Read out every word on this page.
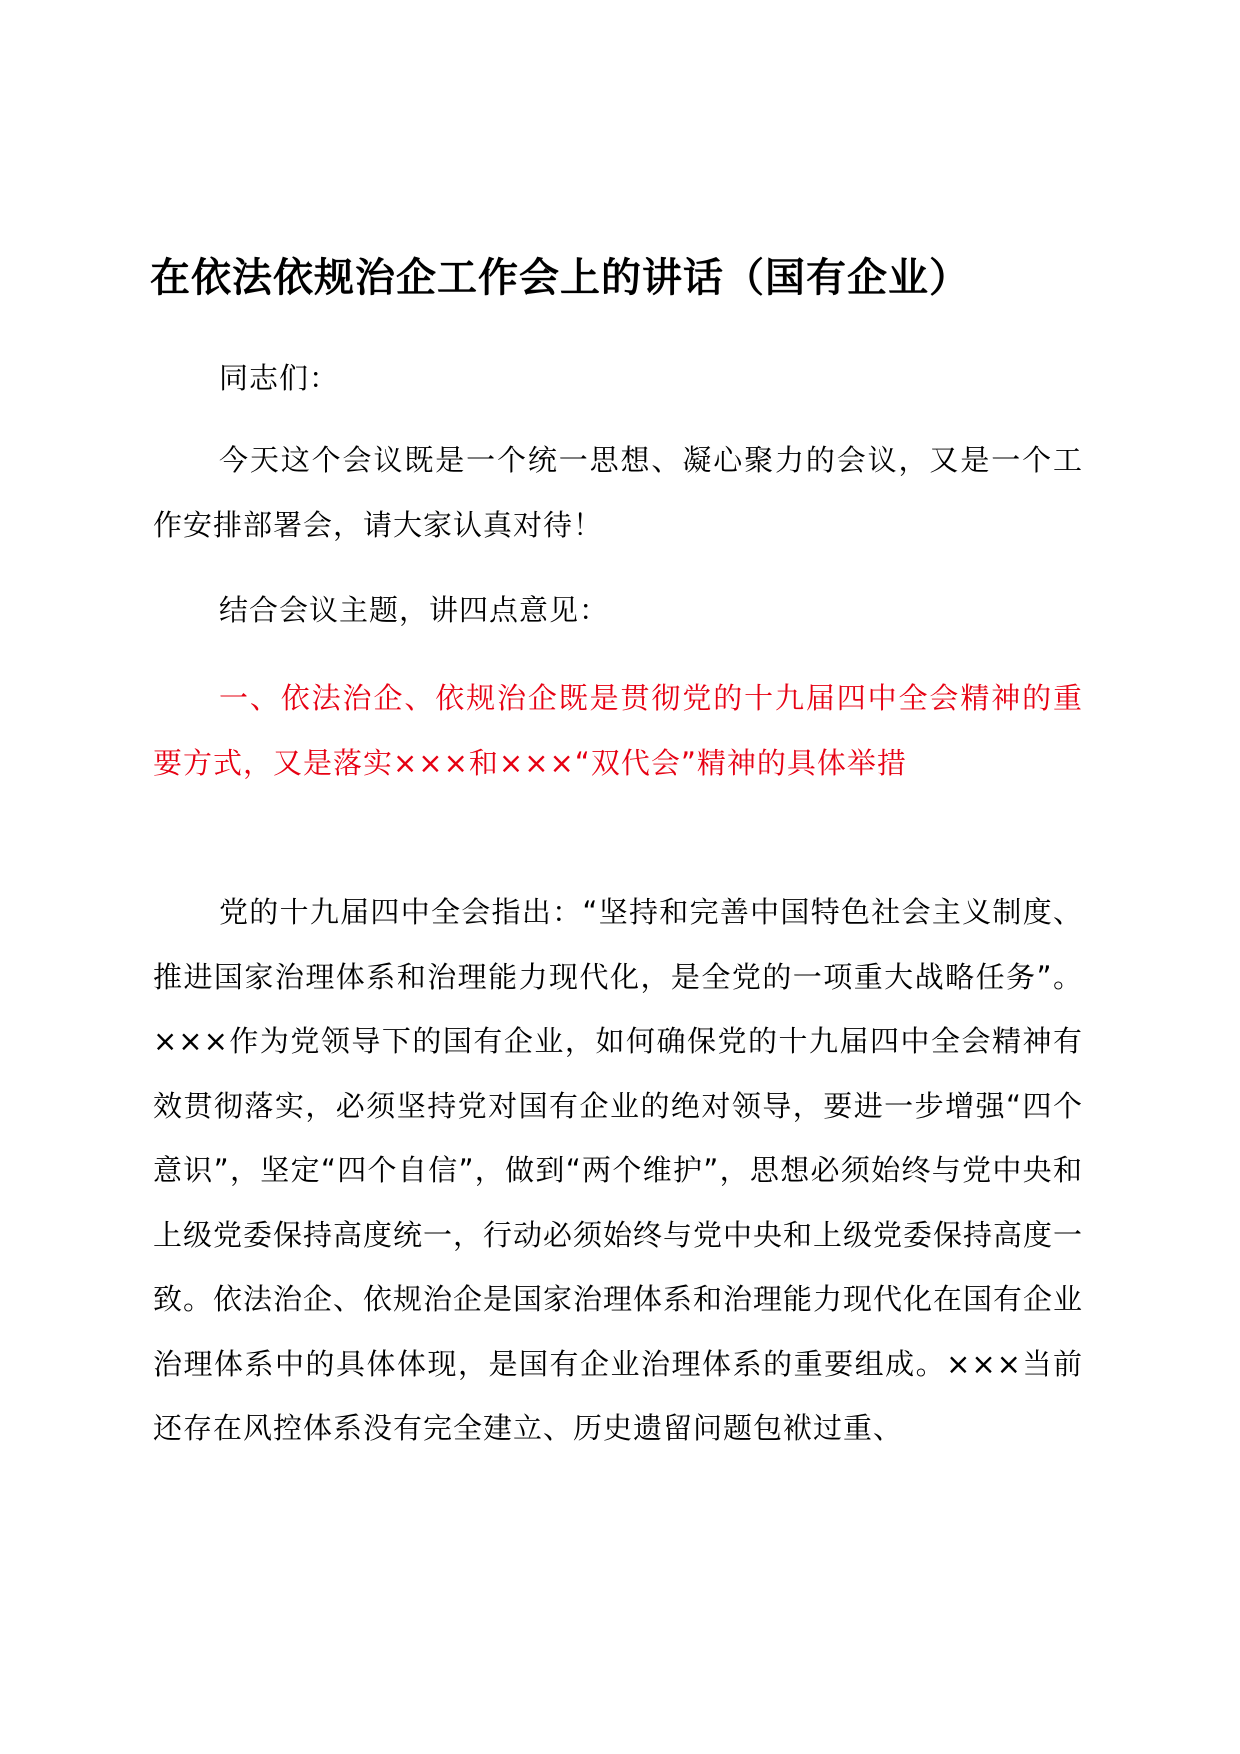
在依法依规治企工作会上的讲话（国有企业）

同志们：

今天这个会议既是一个统一思想、凝心聚力的会议，又是一个工作安排部署会，请大家认真对待！

结合会议主题，讲四点意见：

一、依法治企、依规治企既是贯彻党的十九届四中全会精神的重要方式，又是落实×××和×××“双代会”精神的具体举措

党的十九届四中全会指出：“坚持和完善中国特色社会主义制度、推进国家治理体系和治理能力现代化，是全党的一项重大战略任务”。×××作为党领导下的国有企业，如何确保党的十九届四中全会精神有效贯彻落实，必须坚持党对国有企业的绝对领导，要进一步增强“四个意识”，坚定“四个自信”，做到“两个维护”，思想必须始终与党中央和上级党委保持高度统一，行动必须始终与党中央和上级党委保持高度一致。依法治企、依规治企是国家治理体系和治理能力现代化在国有企业治理体系中的具体体现，是国有企业治理体系的重要组成。×××当前还存在风控体系没有完全建立、历史遗留问题包袱过重、
